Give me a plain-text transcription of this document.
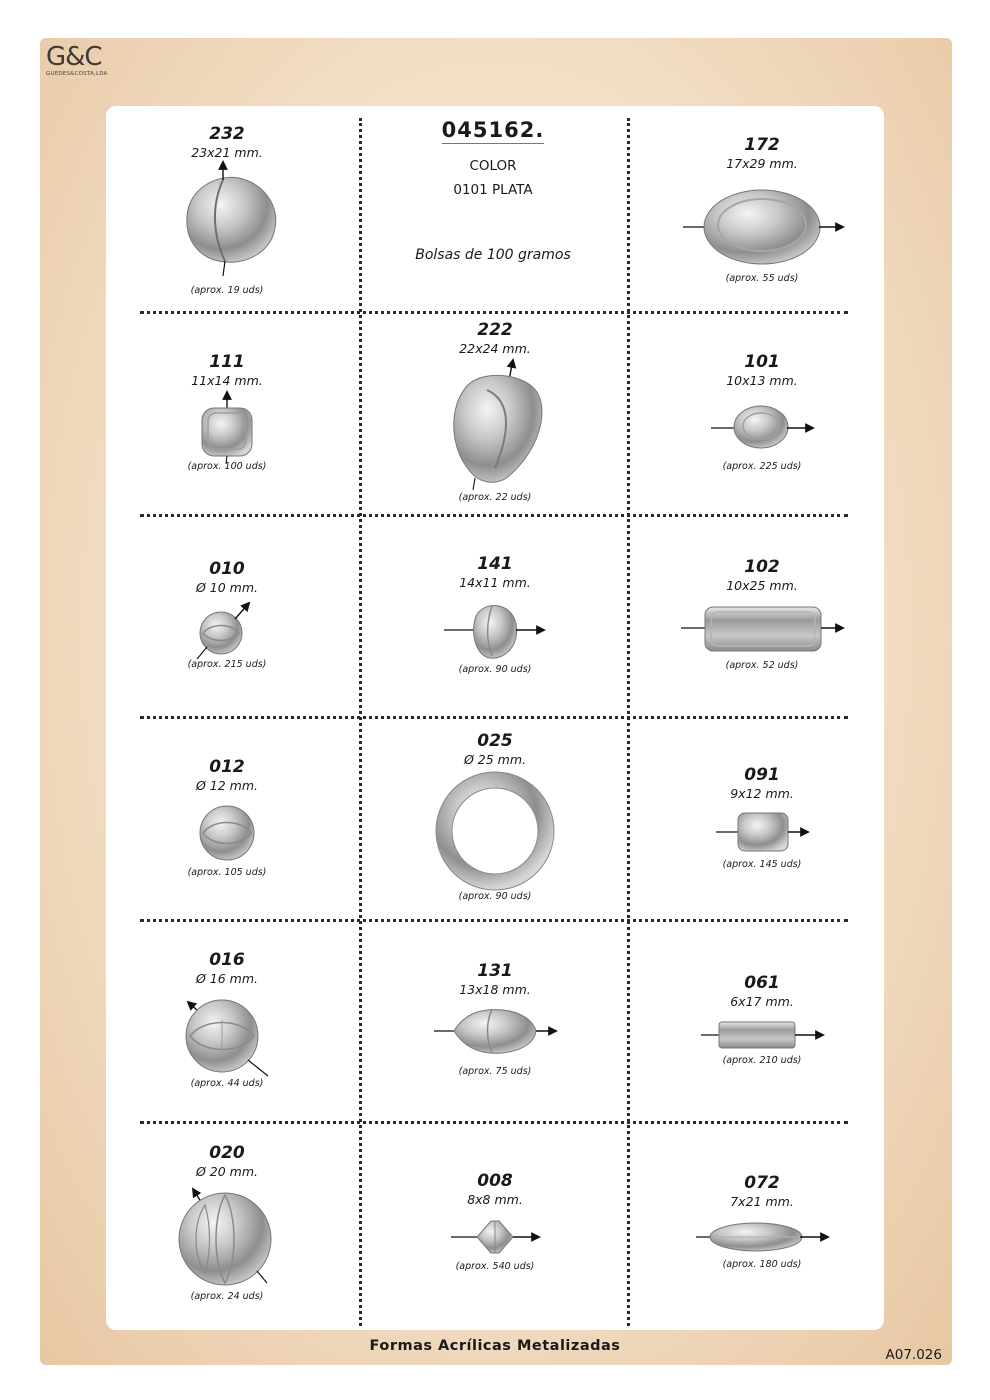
G&C
GUEDES&COSTA,LDA
045162.
COLOR
0101 PLATA
Bolsas de 100 gramos
232
23x21 mm.
(aprox. 19 uds)
172
17x29 mm.
(aprox. 55 uds)
111
11x14 mm.
(aprox. 100 uds)
222
22x24 mm.
(aprox. 22 uds)
101
10x13 mm.
(aprox. 225 uds)
010
Ø 10 mm.
(aprox. 215 uds)
141
14x11 mm.
(aprox. 90 uds)
102
10x25 mm.
(aprox. 52 uds)
012
Ø 12 mm.
(aprox. 105 uds)
025
Ø 25 mm.
(aprox. 90 uds)
091
9x12 mm.
(aprox. 145 uds)
016
Ø 16 mm.
(aprox. 44 uds)
131
13x18 mm.
(aprox. 75 uds)
061
6x17 mm.
(aprox. 210 uds)
020
Ø 20 mm.
(aprox. 24 uds)
008
8x8 mm.
(aprox. 540 uds)
072
7x21 mm.
(aprox. 180 uds)
Formas Acrílicas Metalizadas
A07.026
